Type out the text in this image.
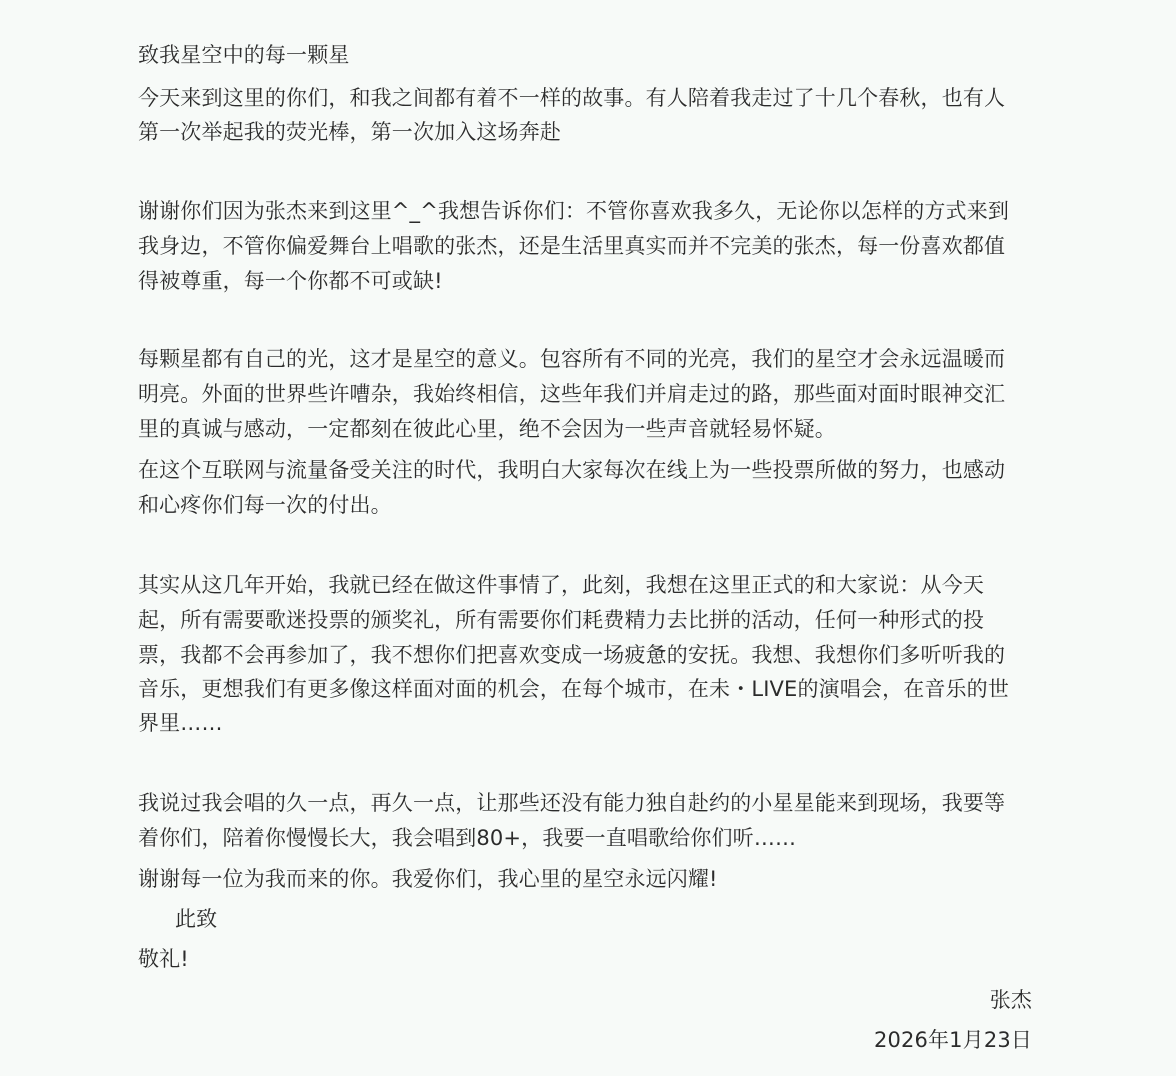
致我星空中的每一颗星
今天来到这里的你们，和我之间都有着不一样的故事。有人陪着我走过了十几个春秋，也有人
第一次举起我的荧光棒，第一次加入这场奔赴
谢谢你们因为张杰来到这里^_^我想告诉你们：不管你喜欢我多久，无论你以怎样的方式来到
我身边，不管你偏爱舞台上唱歌的张杰，还是生活里真实而并不完美的张杰，每一份喜欢都值
得被尊重，每一个你都不可或缺!
每颗星都有自己的光，这才是星空的意义。包容所有不同的光亮，我们的星空才会永远温暖而
明亮。外面的世界些许嘈杂，我始终相信，这些年我们并肩走过的路，那些面对面时眼神交汇
里的真诚与感动，一定都刻在彼此心里，绝不会因为一些声音就轻易怀疑。
在这个互联网与流量备受关注的时代，我明白大家每次在线上为一些投票所做的努力，也感动
和心疼你们每一次的付出。
其实从这几年开始，我就已经在做这件事情了，此刻，我想在这里正式的和大家说：从今天
起，所有需要歌迷投票的颁奖礼，所有需要你们耗费精力去比拼的活动，任何一种形式的投
票，我都不会再参加了，我不想你们把喜欢变成一场疲惫的安抚。我想、我想你们多听听我的
音乐，更想我们有更多像这样面对面的机会，在每个城市，在未・LIVE的演唱会，在音乐的世
界里……
我说过我会唱的久一点，再久一点，让那些还没有能力独自赴约的小星星能来到现场，我要等
着你们，陪着你慢慢长大，我会唱到80+，我要一直唱歌给你们听……
谢谢每一位为我而来的你。我爱你们，我心里的星空永远闪耀!
此致
敬礼!
张杰
2026年1月23日
